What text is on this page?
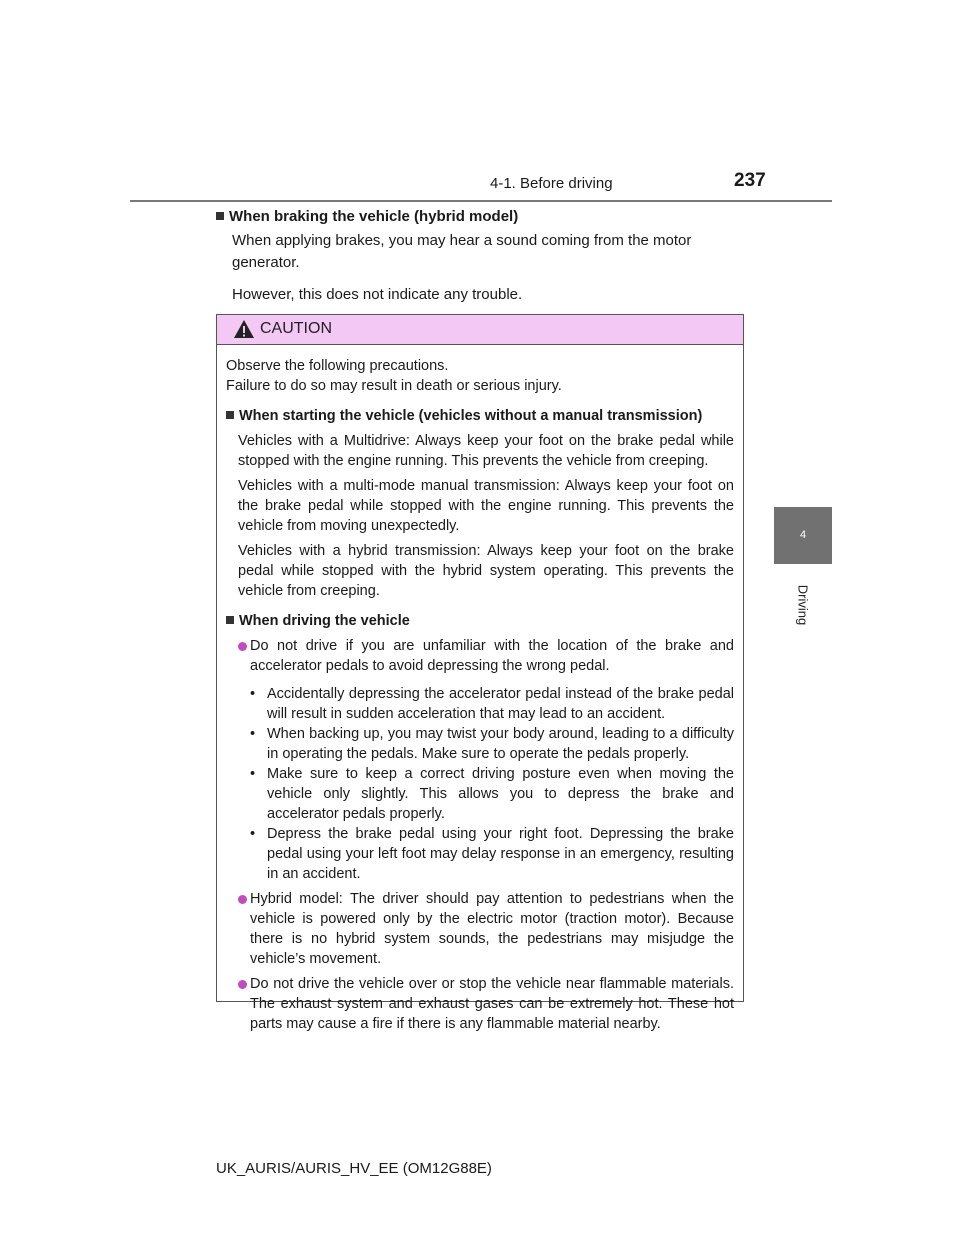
4-1. Before driving	237
4
Driving
When braking the vehicle (hybrid model)

When applying brakes, you may hear a sound coming from the motor generator.

However, this does not indicate any trouble.

CAUTION
Observe the following precautions.
Failure to do so may result in death or serious injury.
When starting the vehicle (vehicles without a manual transmission)
Vehicles with a Multidrive: Always keep your foot on the brake pedal while stopped with the engine running. This prevents the vehicle from creeping.
Vehicles with a multi-mode manual transmission: Always keep your foot on the brake pedal while stopped with the engine running. This prevents the vehicle from moving unexpectedly.
Vehicles with a hybrid transmission: Always keep your foot on the brake pedal while stopped with the hybrid system operating. This prevents the vehicle from creeping.
When driving the vehicle
Do not drive if you are unfamiliar with the location of the brake and accelerator pedals to avoid depressing the wrong pedal.
• Accidentally depressing the accelerator pedal instead of the brake pedal will result in sudden acceleration that may lead to an accident.
• When backing up, you may twist your body around, leading to a difficulty in operating the pedals. Make sure to operate the pedals properly.
• Make sure to keep a correct driving posture even when moving the vehicle only slightly. This allows you to depress the brake and accelerator pedals properly.
• Depress the brake pedal using your right foot. Depressing the brake pedal using your left foot may delay response in an emergency, resulting in an accident.
Hybrid model: The driver should pay attention to pedestrians when the vehicle is powered only by the electric motor (traction motor). Because there is no hybrid system sounds, the pedestrians may misjudge the vehicle’s movement.
Do not drive the vehicle over or stop the vehicle near flammable materials. The exhaust system and exhaust gases can be extremely hot. These hot parts may cause a fire if there is any flammable material nearby.
UK_AURIS/AURIS_HV_EE (OM12G88E)
